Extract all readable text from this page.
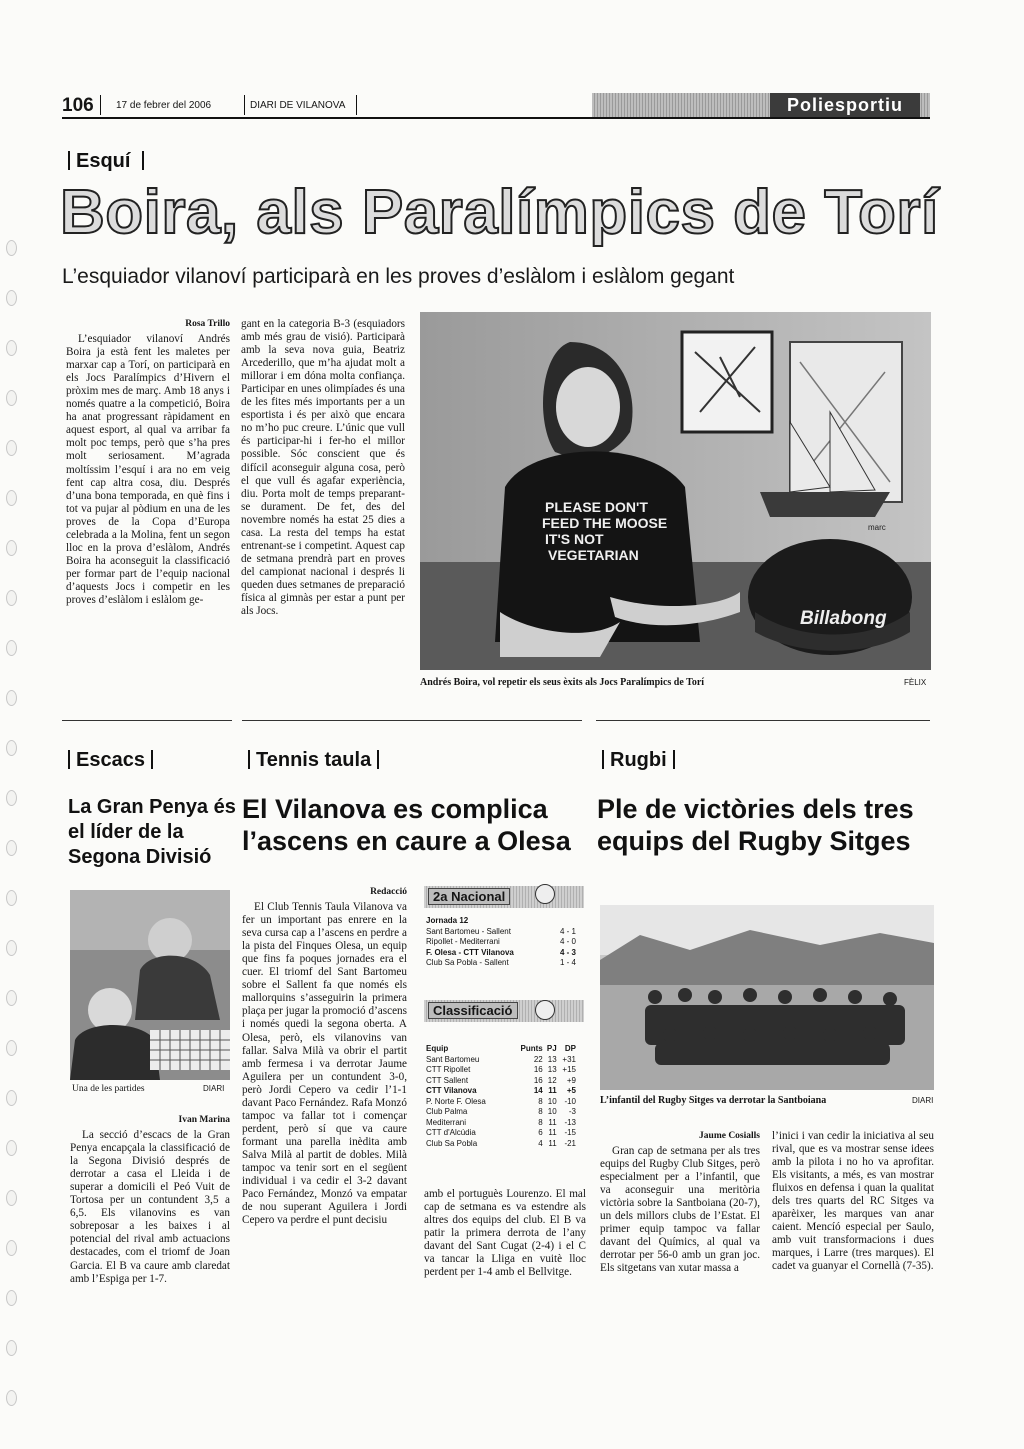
106 17 de febrer del 2006	DIARI DE VILANOVA	Poliesportiu
Esquí
Boira, als Paralímpics de Torí
L’esquiador vilanoví participarà en les proves d’eslàlom i eslàlom gegant
Rosa Trillo

L’esquiador vilanoví Andrés Boira ja està fent les maletes per marxar cap a Torí, on participarà en els Jocs Paralímpics d’Hivern el pròxim mes de març. Amb 18 anys i només quatre a la competició, Boira ha anat progressant ràpidament en aquest esport, al qual va arribar fa molt poc temps, però que s’ha pres molt seriosament. M’agrada moltíssim l’esquí i ara no em veig fent cap altra cosa, diu. Després d’una bona temporada, en què fins i tot va pujar al pòdium en una de les proves de la Copa d’Europa celebrada a la Molina, fent un segon lloc en la prova d’eslàlom, Andrés Boira ha aconseguit la classificació per formar part de l’equip nacional d’aquests Jocs i competir en les proves d’eslàlom i eslàlom ge-

gant en la categoria B-3 (esquiadors amb més grau de visió). Participarà amb la seva nova guia, Beatriz Arcederillo, que m’ha ajudat molt a millorar i em dóna molta confiança. Participar en unes olimpíades és una de les fites més importants per a un esportista i és per això que encara no m’ho puc creure. L’únic que vull és participar-hi i fer-ho el millor possible. Sóc conscient que és difícil aconseguir alguna cosa, però el que vull és agafar experiència, diu. Porta molt de temps preparant-se durament. De fet, des del novembre només ha estat 25 dies a casa. La resta del temps ha estat entrenant-se i competint. Aquest cap de setmana prendrà part en proves del campionat nacional i després li queden dues setmanes de preparació física al gimnàs per estar a punt per als Jocs.

marc
PLEASE DON'T FEED THE MOOSE IT'S NOT VEGETARIAN
Billabong
Andrés Boira, vol repetir els seus èxits als Jocs Paralímpics de Torí	FÈLIX
Escacs
La Gran Penya és el líder de la Segona Divisió
Una de les partides	DIARI
Ivan Marina

La secció d’escacs de la Gran Penya encapçala la classificació de la Segona Divisió després de derrotar a casa el Lleida i de superar a domicili el Peó Vuit de Tortosa per un contundent 3,5 a 6,5. Els vilanovins es van sobreposar a les baixes i al potencial del rival amb actuacions destacades, com el triomf de Joan Garcia. El B va caure amb claredat amb l’Espiga per 1-7.

Tennis taula
El Vilanova es complica l’ascens en caure a Olesa
Redacció

El Club Tennis Taula Vilanova va fer un important pas enrere en la seva cursa cap a l’ascens en perdre a la pista del Finques Olesa, un equip que fins fa poques jornades era el cuer. El triomf del Sant Bartomeu sobre el Sallent fa que només els mallorquins s’asseguirin la primera plaça per jugar la promoció d’ascens i només quedi la segona oberta. A Olesa, però, els vilanovins van fallar. Salva Milà va obrir el partit amb fermesa i va derrotar Jaume Aguilera per un contundent 3-0, però Jordi Cepero va cedir l’1-1 davant Paco Fernández. Rafa Monzó tampoc va fallar tot i començar perdent, però sí que va caure formant una parella inèdita amb Salva Milà al partit de dobles. Milà tampoc va tenir sort en el següent individual i va cedir el 3-2 davant Paco Fernández, Monzó va empatar de nou superant Aguilera i Jordi Cepero va perdre el punt decisiu

amb el portuguès Lourenzo. El mal cap de setmana es va estendre als altres dos equips del club. El B va patir la primera derrota de l’any davant del Sant Cugat (2-4) i el C va tancar la Lliga en vuitè lloc perdent per 1-4 amb el Bellvitge.

2a Nacional
Jornada 12
Sant Bartomeu - Sallent	4 - 1
Ripollet - Mediterrani	4 - 0
F. Olesa - CTT Vilanova	4 - 3
Club Sa Pobla - Sallent	1 - 4
Classificació
Equip	Punts	PJ	DP
Sant Bartomeu	22	13	+31
CTT Ripollet	16	13	+15
CTT Sallent	16	12	+9
CTT Vilanova	14	11	+5
P. Norte F. Olesa	8	10	-10
Club Palma	8	10	-3
Mediterrani	8	11	-13
CTT d'Alcúdia	6	11	-15
Club Sa Pobla	4	11	-21
Rugbi
Ple de victòries dels tres equips del Rugby Sitges
L’infantil del Rugby Sitges va derrotar la Santboiana	DIARI
Jaume Cosialls

Gran cap de setmana per als tres equips del Rugby Club Sitges, però especialment per a l’infantil, que va aconseguir una meritòria victòria sobre la Santboiana (20-7), un dels millors clubs de l’Estat. El primer equip tampoc va fallar davant del Químics, al qual va derrotar per 56-0 amb un gran joc. Els sitgetans van xutar massa a

l’inici i van cedir la iniciativa al seu rival, que es va mostrar sense idees amb la pilota i no ho va aprofitar. Els visitants, a més, es van mostrar fluixos en defensa i quan la qualitat dels tres quarts del RC Sitges va aparèixer, les marques van anar caient. Mencíó especial per Saulo, amb vuit transformacions i dues marques, i Larre (tres marques). El cadet va guanyar el Cornellà (7-35).
